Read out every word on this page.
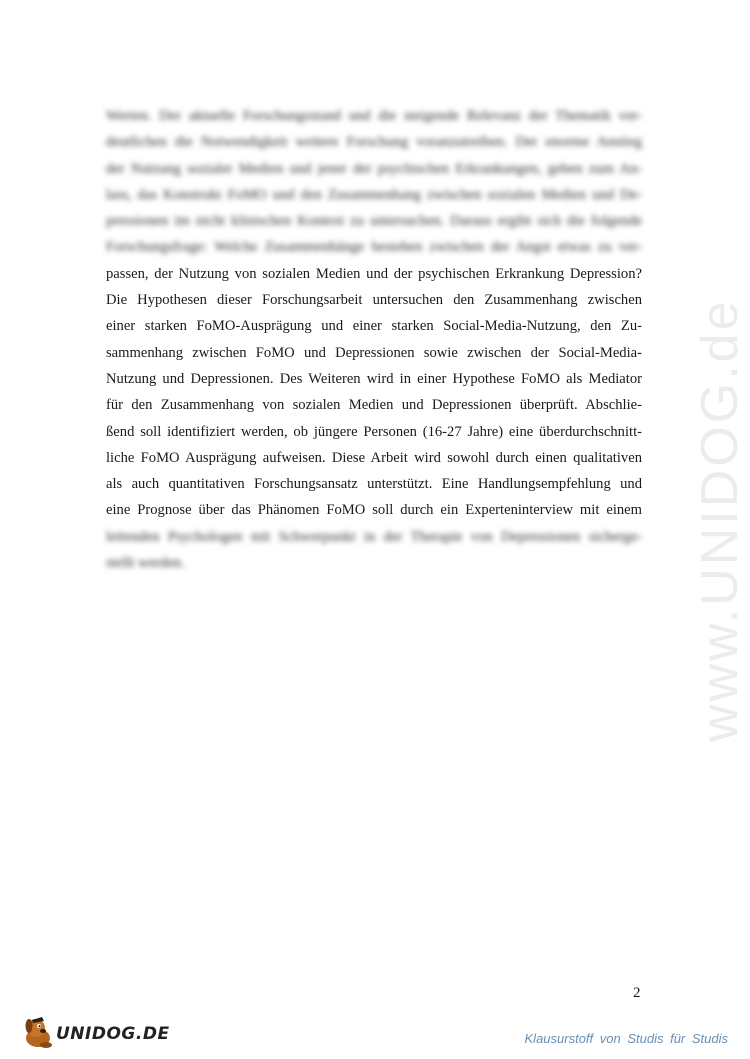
www.UNIDOG.de
Werten. Der aktuelle Forschungsstand und die steigende Relevanz der Thematik ver-
deutlichen die Notwendigkeit weitere Forschung voranzutreiben. Der enorme Anstieg
der Nutzung sozialer Medien und jener der psychischen Erkrankungen, geben zum An-
lass, das Konstrukt FoMO und den Zusammenhang zwischen sozialen Medien und De-
pressionen im nicht klinischen Kontext zu untersuchen. Daraus ergibt sich die folgende
Forschungsfrage: Welche Zusammenhänge bestehen zwischen der Angst etwas zu ver-
passen, der Nutzung von sozialen Medien und der psychischen Erkrankung Depression?
Die Hypothesen dieser Forschungsarbeit untersuchen den Zusammenhang zwischen
einer starken FoMO-Ausprägung und einer starken Social-Media-Nutzung, den Zu-
sammenhang zwischen FoMO und Depressionen sowie zwischen der Social-Media-
Nutzung und Depressionen. Des Weiteren wird in einer Hypothese FoMO als Mediator
für den Zusammenhang von sozialen Medien und Depressionen überprüft. Abschlie-
ßend soll identifiziert werden, ob jüngere Personen (16-27 Jahre) eine überdurchschnitt-
liche FoMO Ausprägung aufweisen. Diese Arbeit wird sowohl durch einen qualitativen
als auch quantitativen Forschungsansatz unterstützt. Eine Handlungsempfehlung und
eine Prognose über das Phänomen FoMO soll durch ein Experteninterview mit einem
leitenden Psychologen mit Schwerpunkt in der Therapie von Depressionen sicherge-
stellt werden.
2
UNIDOG.DE	Klausurstoff von Studis für Studis
